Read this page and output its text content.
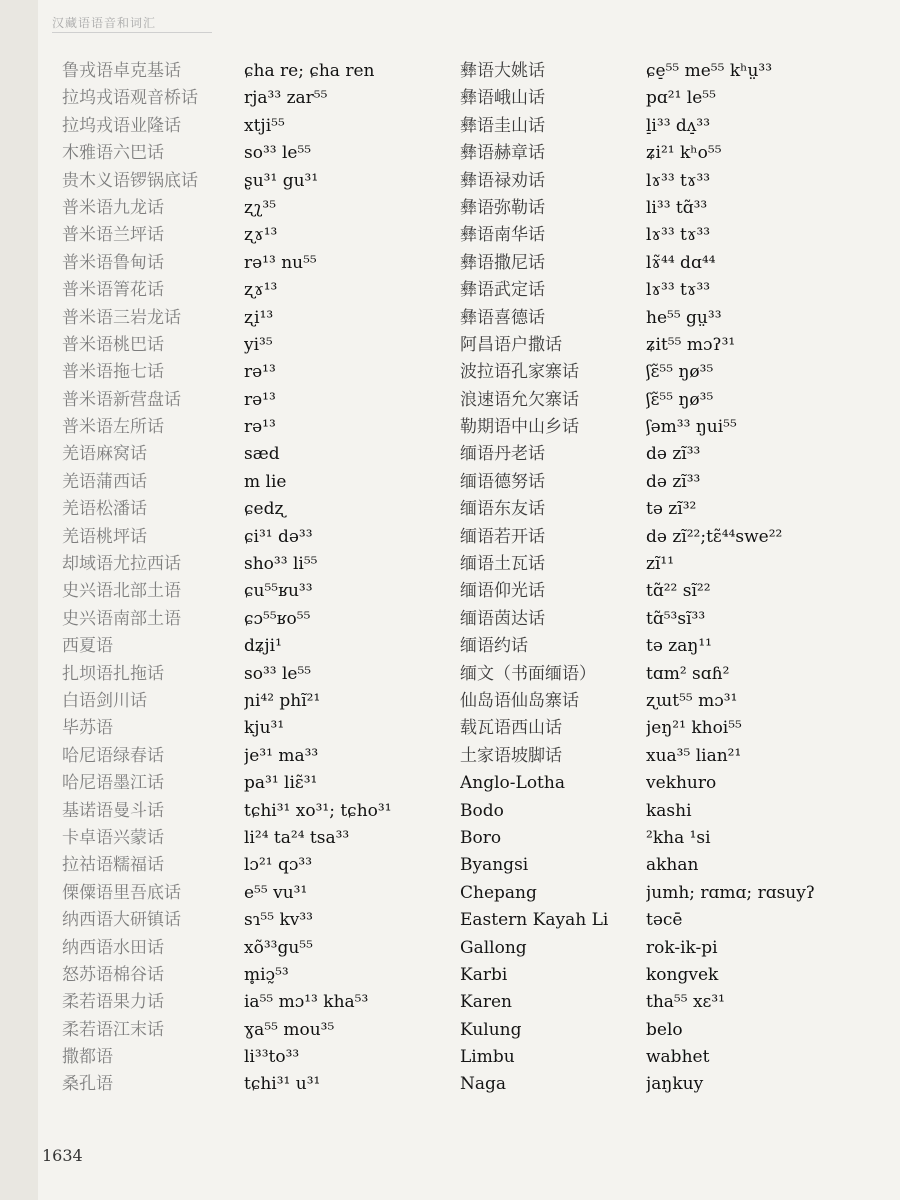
汉藏语语音和词汇
鲁戎语卓克基话
拉坞戎语观音桥话
拉坞戎语业隆话
木雅语六巴话
贵木义语锣锅底话
普米语九龙话
普米语兰坪话
普米语鲁甸话
普米语箐花话
普米语三岩龙话
普米语桃巴话
普米语拖七话
普米语新营盘话
普米语左所话
羌语麻窝话
羌语蒲西话
羌语松潘话
羌语桃坪话
却域语尤拉西话
史兴语北部土语
史兴语南部土语
西夏语
扎坝语扎拖话
白语剑川话
毕苏语
哈尼语绿春话
哈尼语墨江话
基诺语曼斗话
卡卓语兴蒙话
拉祜语糯福话
傈僳语里吾底话
纳西语大研镇话
纳西语水田话
怒苏语棉谷话
柔若语果力话
柔若语江末话
撒都语
桑孔语
ɕha re; ɕha ren
rja³³ zar⁵⁵
xtji⁵⁵
so³³ le⁵⁵
ʂu³¹ gu³¹
ʐʅ³⁵
ʐɤ¹³
rə¹³ nu⁵⁵
ʐɤ¹³
ʐi¹³
yi³⁵
rə¹³
rə¹³
rə¹³
sæd
m lie
ɕedʐ
ɕi³¹ də³³
sho³³ li⁵⁵
ɕu⁵⁵ʁu³³
ɕɔ⁵⁵ʁo⁵⁵
dʑji¹
so³³ le⁵⁵
ɲi⁴² phĩ²¹
kju³¹
je³¹ ma³³
pa³¹ liɛ̃³¹
tɕhi³¹ xo³¹; tɕho³¹
li²⁴ ta²⁴ tsa³³
lɔ²¹ qɔ³³
e⁵⁵ vu³¹
sɿ⁵⁵ kv³³
xõ³³gu⁵⁵
m̥iɔ̰⁵³
ia⁵⁵ mɔ¹³ kha⁵³
ɣa⁵⁵ mou³⁵
li³³to³³
tɕhi³¹ u³¹
彝语大姚话
彝语峨山话
彝语圭山话
彝语赫章话
彝语禄劝话
彝语弥勒话
彝语南华话
彝语撒尼话
彝语武定话
彝语喜德话
阿昌语户撒话
波拉语孔家寨话
浪速语允欠寨话
勒期语中山乡话
缅语丹老话
缅语德努话
缅语东友话
缅语若开话
缅语土瓦话
缅语仰光话
缅语茵达话
缅语约话
缅文（书面缅语）
仙岛语仙岛寨话
载瓦语西山话
土家语坡脚话
Anglo-Lotha
Bodo
Boro
Byangsi
Chepang
Eastern Kayah Li
Gallong
Karbi
Karen
Kulung
Limbu
Naga
ɕe̠⁵⁵ me⁵⁵ kʰṳ³³
pɑ²¹ le⁵⁵
l̠i³³ dʌ̠³³
ʑi²¹ kʰo⁵⁵
lɤ³³ tɤ³³
li³³ tɑ̃³³
lɤ³³ tɤ³³
lɤ̃⁴⁴ dɑ⁴⁴
lɤ³³ tɤ³³
he⁵⁵ gṳ³³
ʑit⁵⁵ mɔʔ³¹
ʃɛ̃⁵⁵ ŋø³⁵
ʃɛ̃⁵⁵ ŋø³⁵
ʃəm³³ ŋui⁵⁵
də zĩ³³
də zĩ³³
tə zĩ³²
də zĩ²²;tɛ̃⁴⁴swe²²
zĩ¹¹
tɑ̃²² sĩ²²
tɑ̃⁵³sĩ³³
tə zaŋ¹¹
tɑm² sɑɦ²
ʐɯt⁵⁵ mɔ³¹
jeŋ²¹ khoi⁵⁵
xua³⁵ lian²¹
vekhuro
kashi
²kha ¹si
akhan
jumh; rɑmɑ; rɑsuyʔ
təcē
rok-ik-pi
kongvek
tha⁵⁵ xɛ³¹
belo
wabhet
jaŋkuy
1634
